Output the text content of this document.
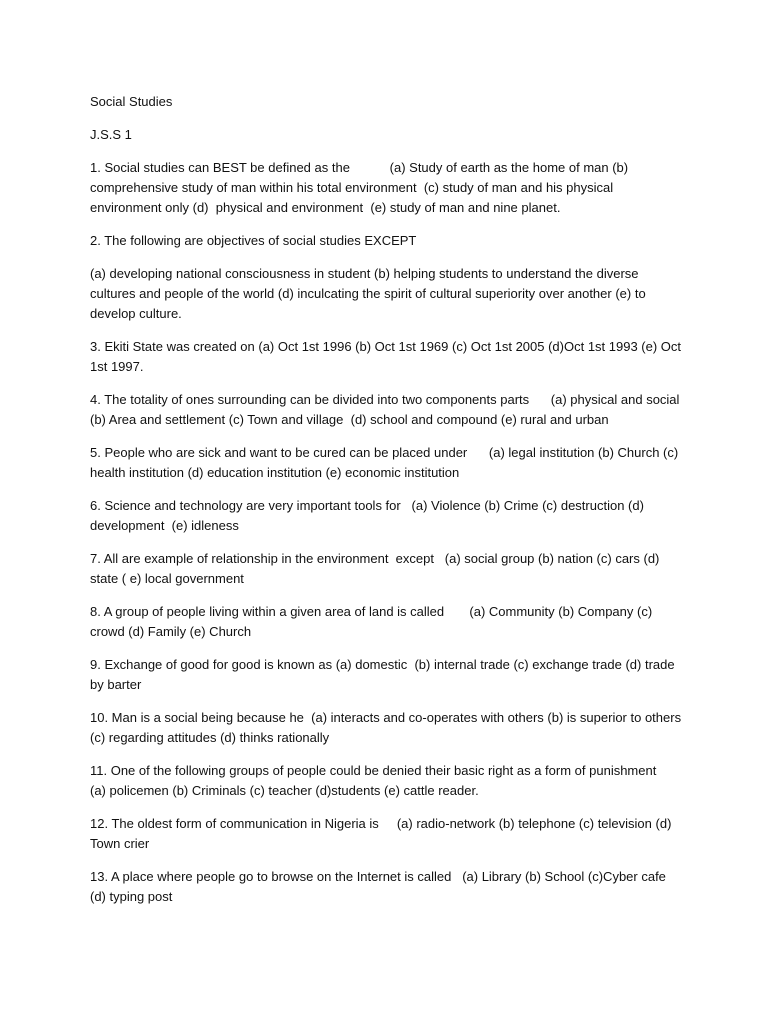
Social Studies

J.S.S 1

1. Social studies can BEST be defined as the           (a) Study of earth as the home of man (b) comprehensive study of man within his total environment  (c) study of man and his physical environment only (d)  physical and environment  (e) study of man and nine planet.

2. The following are objectives of social studies EXCEPT

(a) developing national consciousness in student (b) helping students to understand the diverse cultures and people of the world (d) inculcating the spirit of cultural superiority over another (e) to develop culture.

3. Ekiti State was created on (a) Oct 1st 1996 (b) Oct 1st 1969 (c) Oct 1st 2005 (d)Oct 1st 1993 (e) Oct 1st 1997.

4. The totality of ones surrounding can be divided into two components parts      (a) physical and social (b) Area and settlement (c) Town and village  (d) school and compound (e) rural and urban

5. People who are sick and want to be cured can be placed under      (a) legal institution (b) Church (c) health institution (d) education institution (e) economic institution

6. Science and technology are very important tools for   (a) Violence (b) Crime (c) destruction (d) development  (e) idleness

7. All are example of relationship in the environment  except   (a) social group (b) nation (c) cars (d) state ( e) local government

8. A group of people living within a given area of land is called       (a) Community (b) Company (c) crowd (d) Family (e) Church

9. Exchange of good for good is known as (a) domestic  (b) internal trade (c) exchange trade (d) trade by barter

10. Man is a social being because he  (a) interacts and co-operates with others (b) is superior to others (c) regarding attitudes (d) thinks rationally

11. One of the following groups of people could be denied their basic right as a form of punishment    (a) policemen (b) Criminals (c) teacher (d)students (e) cattle reader.

12. The oldest form of communication in Nigeria is     (a) radio-network (b) telephone (c) television (d) Town crier

13. A place where people go to browse on the Internet is called   (a) Library (b) School (c)Cyber cafe (d) typing post
